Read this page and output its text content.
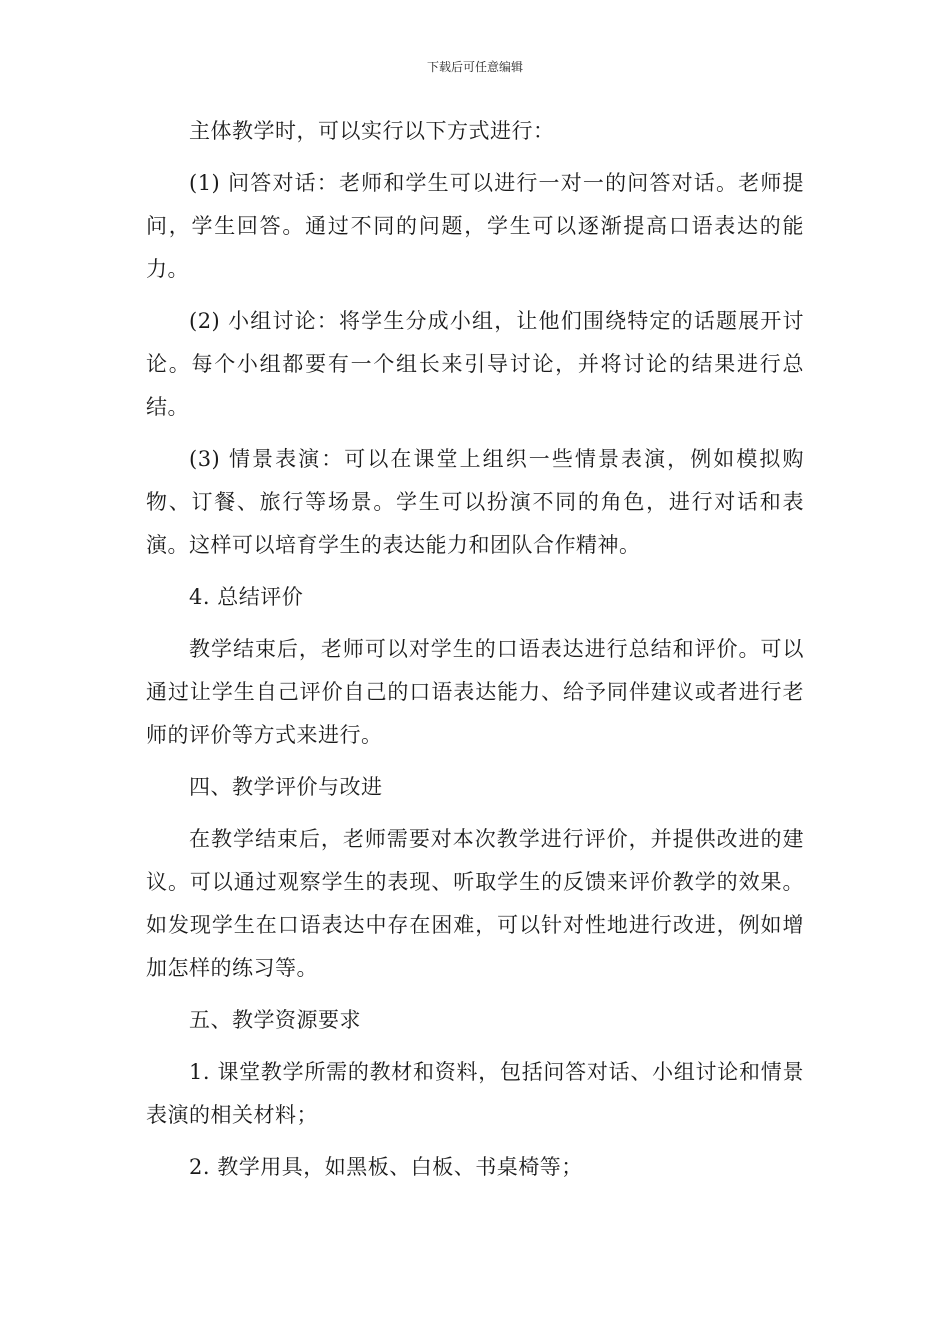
下载后可任意编辑

主体教学时，可以实行以下方式进行：

(1) 问答对话：老师和学生可以进行一对一的问答对话。老师提问，学生回答。通过不同的问题，学生可以逐渐提高口语表达的能力。

(2) 小组讨论：将学生分成小组，让他们围绕特定的话题展开讨论。每个小组都要有一个组长来引导讨论，并将讨论的结果进行总结。

(3) 情景表演：可以在课堂上组织一些情景表演，例如模拟购物、订餐、旅行等场景。学生可以扮演不同的角色，进行对话和表演。这样可以培育学生的表达能力和团队合作精神。

4. 总结评价

教学结束后，老师可以对学生的口语表达进行总结和评价。可以通过让学生自己评价自己的口语表达能力、给予同伴建议或者进行老师的评价等方式来进行。

四、教学评价与改进

在教学结束后，老师需要对本次教学进行评价，并提供改进的建议。可以通过观察学生的表现、听取学生的反馈来评价教学的效果。如发现学生在口语表达中存在困难，可以针对性地进行改进，例如增加怎样的练习等。

五、教学资源要求

1. 课堂教学所需的教材和资料，包括问答对话、小组讨论和情景表演的相关材料；

2. 教学用具，如黑板、白板、书桌椅等；
